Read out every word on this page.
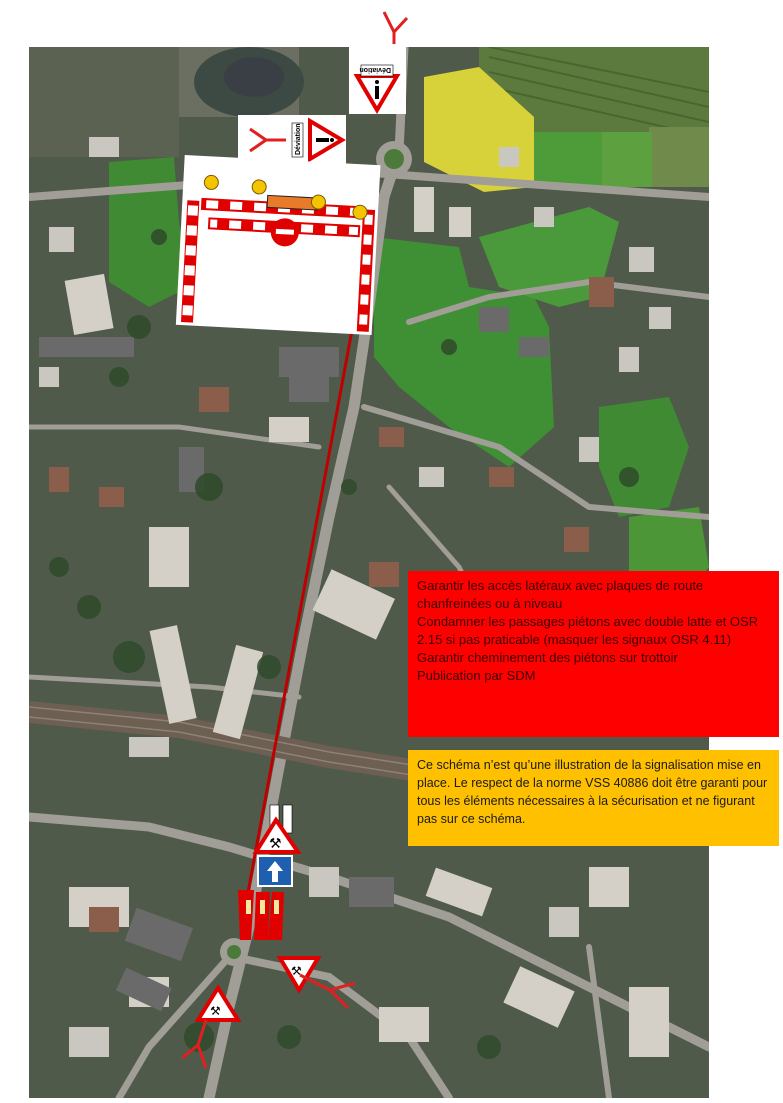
Déviation
Déviation
⚒
⚒
⚒

Garantir les accès latéraux avec plaques de route chanfreinées ou à niveau

Condamner les passages piétons avec double latte et OSR 2.15 si pas praticable (masquer les signaux OSR 4.11)

Garantir cheminement des piétons sur trottoir

Publication par SDM

Ce schéma n’est qu’une illustration de la signalisation mise en place. Le respect de la norme VSS 40886 doit être garanti pour tous les éléments nécessaires à la sécurisation et ne figurant pas sur ce schéma.
